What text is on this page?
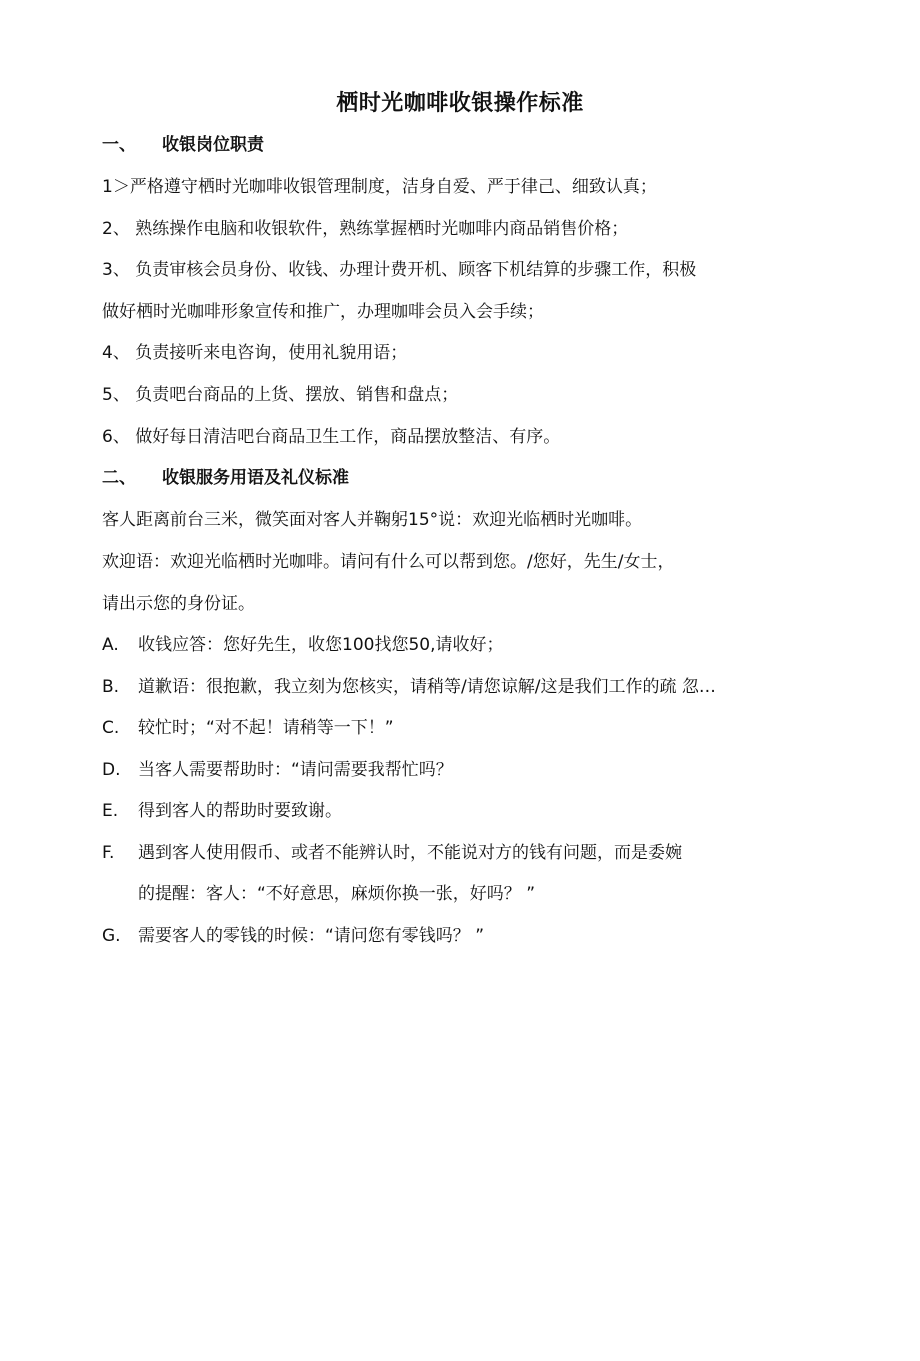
栖时光咖啡收银操作标准
一、 收银岗位职责
1＞严格遵守栖时光咖啡收银管理制度，洁身自爱、严于律己、细致认真；
2、 熟练操作电脑和收银软件，熟练掌握栖时光咖啡内商品销售价格；
3、 负责审核会员身份、收钱、办理计费开机、顾客下机结算的步骤工作，积极
做好栖时光咖啡形象宣传和推广，办理咖啡会员入会手续；
4、 负责接听来电咨询，使用礼貌用语；
5、 负责吧台商品的上货、摆放、销售和盘点；
6、 做好每日清洁吧台商品卫生工作，商品摆放整洁、有序。
二、 收银服务用语及礼仪标准
客人距离前台三米，微笑面对客人并鞠躬15°说：欢迎光临栖时光咖啡。
欢迎语：欢迎光临栖时光咖啡。请问有什么可以帮到您。/您好，先生/女士，
请出示您的身份证。
A. 收钱应答：您好先生，收您100找您50,请收好；
B. 道歉语：很抱歉，我立刻为您核实，请稍等/请您谅解/这是我们工作的疏 忽…
C. 较忙时；“对不起！请稍等一下！”
D. 当客人需要帮助时：“请问需要我帮忙吗？
E. 得到客人的帮助时要致谢。
F. 遇到客人使用假币、或者不能辨认时，不能说对方的钱有问题，而是委婉
的提醒：客人：“不好意思，麻烦你换一张，好吗？ ”
G. 需要客人的零钱的时候：“请问您有零钱吗？ ”
